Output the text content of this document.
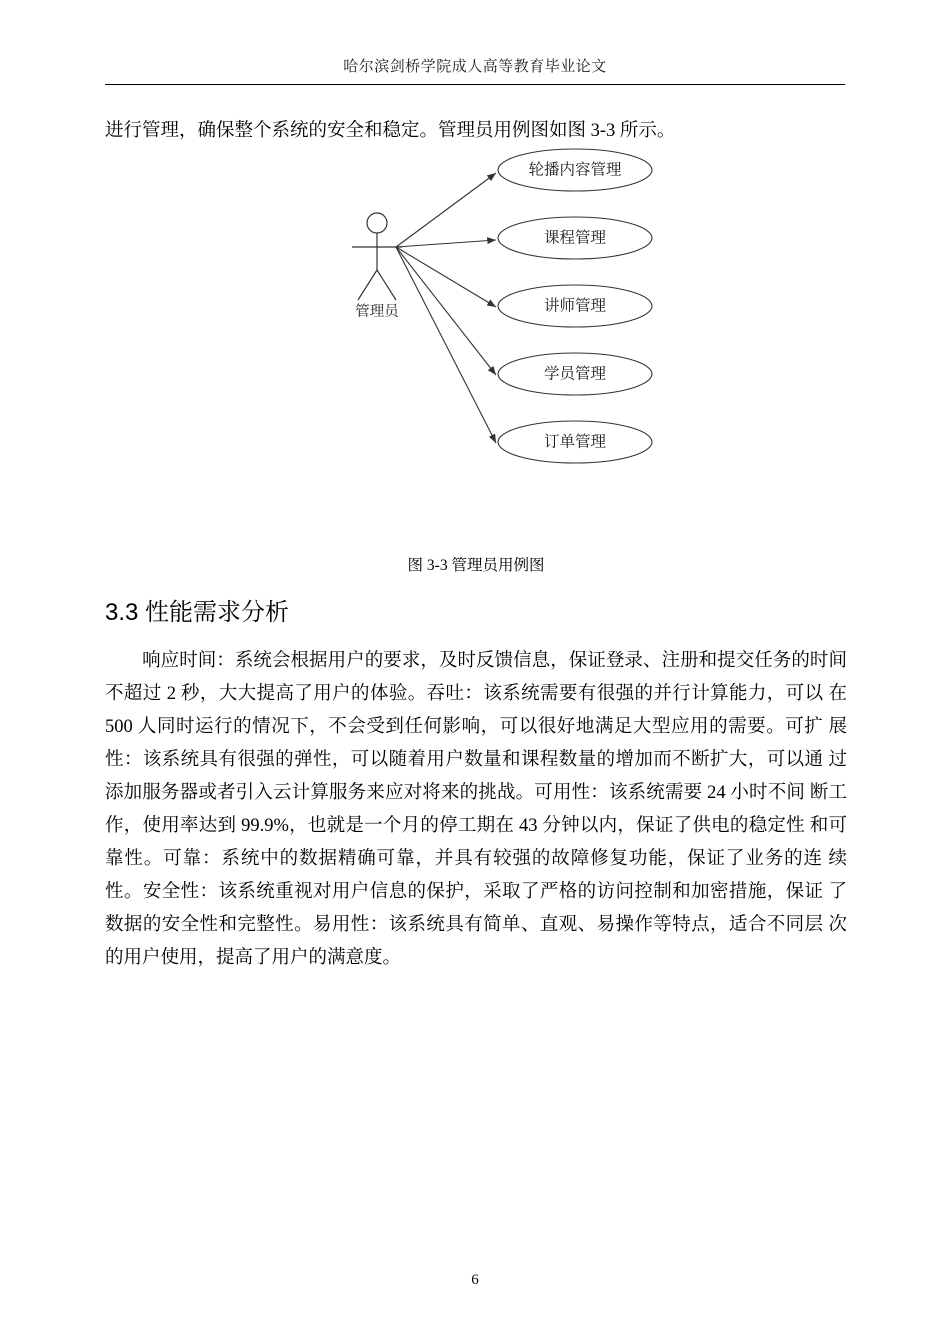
哈尔滨剑桥学院成人高等教育毕业论文
进行管理，确保整个系统的安全和稳定。管理员用例图如图 3-3 所示。
轮播内容管理
课程管理
讲师管理
学员管理
订单管理
管理员
图 3-3 管理员用例图
3.3 性能需求分析
　　响应时间：系统会根据用户的要求，及时反馈信息，保证登录、注册和提交任务的时间不超过 2 秒，大大提高了用户的体验。吞吐：该系统需要有很强的并行计算能力，可以 在 500 人同时运行的情况下，不会受到任何影响，可以很好地满足大型应用的需要。可扩 展性：该系统具有很强的弹性，可以随着用户数量和课程数量的增加而不断扩大，可以通 过添加服务器或者引入云计算服务来应对将来的挑战。可用性：该系统需要 24 小时不间 断工作，使用率达到 99.9%，也就是一个月的停工期在 43 分钟以内，保证了供电的稳定性 和可靠性。可靠：系统中的数据精确可靠，并具有较强的故障修复功能，保证了业务的连 续性。安全性：该系统重视对用户信息的保护，采取了严格的访问控制和加密措施，保证 了数据的安全性和完整性。易用性：该系统具有简单、直观、易操作等特点，适合不同层 次的用户使用，提高了用户的满意度。
6
